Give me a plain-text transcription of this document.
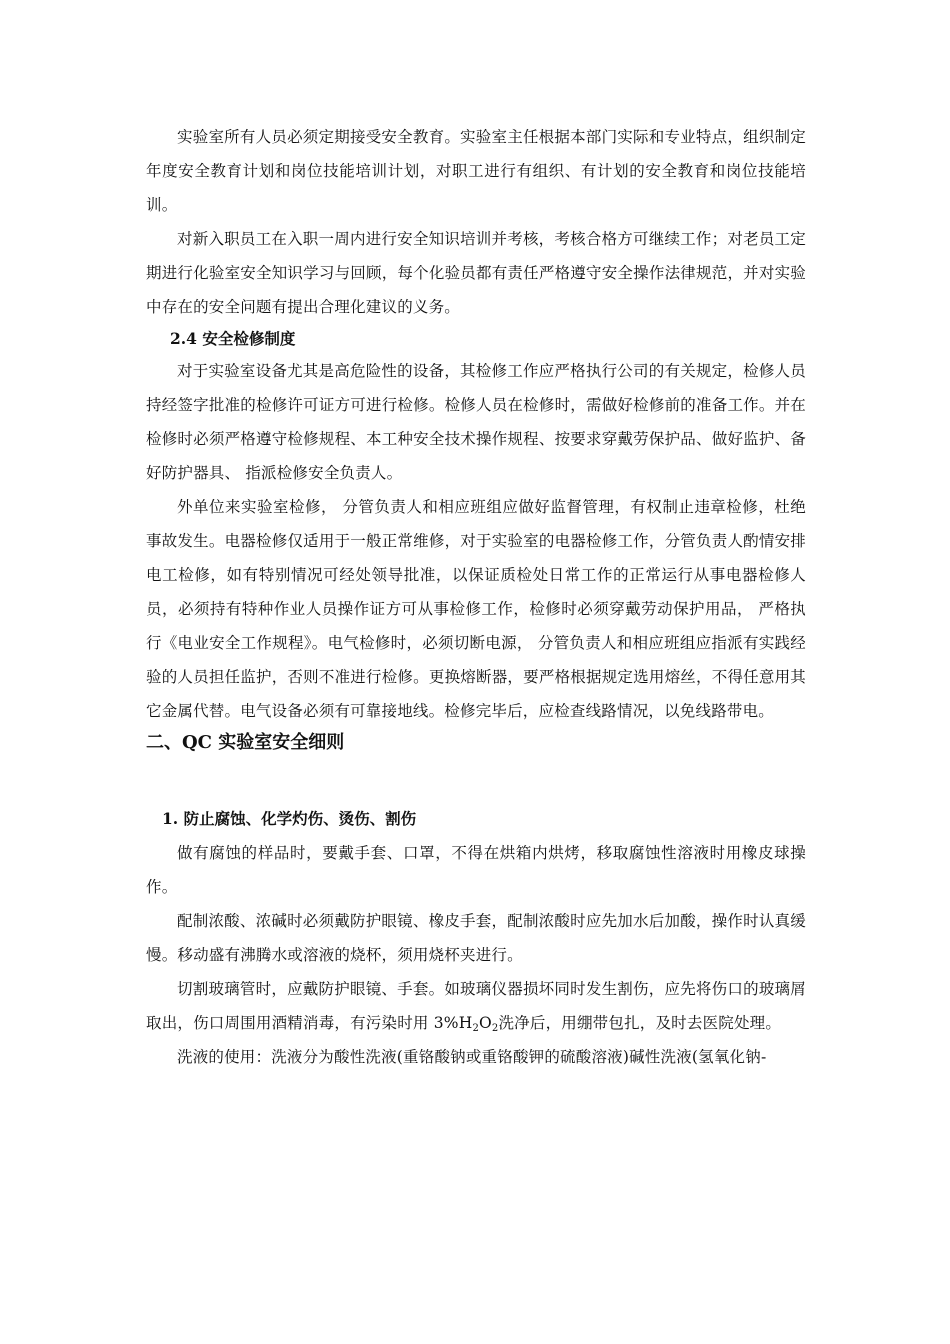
实验室所有人员必须定期接受安全教育。实验室主任根据本部门实际和专业特点，组织制定年度安全教育计划和岗位技能培训计划，对职工进行有组织、有计划的安全教育和岗位技能培训。

对新入职员工在入职一周内进行安全知识培训并考核，考核合格方可继续工作；对老员工定期进行化验室安全知识学习与回顾，每个化验员都有责任严格遵守安全操作法律规范，并对实验中存在的安全问题有提出合理化建议的义务。

2.4 安全检修制度

对于实验室设备尤其是高危险性的设备，其检修工作应严格执行公司的有关规定，检修人员持经签字批准的检修许可证方可进行检修。检修人员在检修时，需做好检修前的准备工作。并在检修时必须严格遵守检修规程、本工种安全技术操作规程、按要求穿戴劳保护品、做好监护、备好防护器具、 指派检修安全负责人。

外单位来实验室检修， 分管负责人和相应班组应做好监督管理，有权制止违章检修，杜绝事故发生。电器检修仅适用于一般正常维修，对于实验室的电器检修工作，分管负责人酌情安排电工检修，如有特别情况可经处领导批准，以保证质检处日常工作的正常运行从事电器检修人员，必须持有特种作业人员操作证方可从事检修工作，检修时必须穿戴劳动保护用品， 严格执行《电业安全工作规程》。电气检修时，必须切断电源， 分管负责人和相应班组应指派有实践经验的人员担任监护，否则不准进行检修。更换熔断器，要严格根据规定选用熔丝，不得任意用其它金属代替。电气设备必须有可靠接地线。检修完毕后，应检查线路情况，以免线路带电。

二、QC 实验室安全细则

1. 防止腐蚀、化学灼伤、烫伤、割伤

做有腐蚀的样品时，要戴手套、口罩，不得在烘箱内烘烤，移取腐蚀性溶液时用橡皮球操作。

配制浓酸、浓碱时必须戴防护眼镜、橡皮手套，配制浓酸时应先加水后加酸，操作时认真缓慢。移动盛有沸腾水或溶液的烧杯，须用烧杯夹进行。

切割玻璃管时，应戴防护眼镜、手套。如玻璃仪器损坏同时发生割伤，应先将伤口的玻璃屑取出，伤口周围用酒精消毒，有污染时用 $3\%H_2O_2$洗净后，用绷带包扎，及时去医院处理。

洗液的使用：洗液分为酸性洗液(重铬酸钠或重铬酸钾的硫酸溶液)碱性洗液(氢氧化钠-
